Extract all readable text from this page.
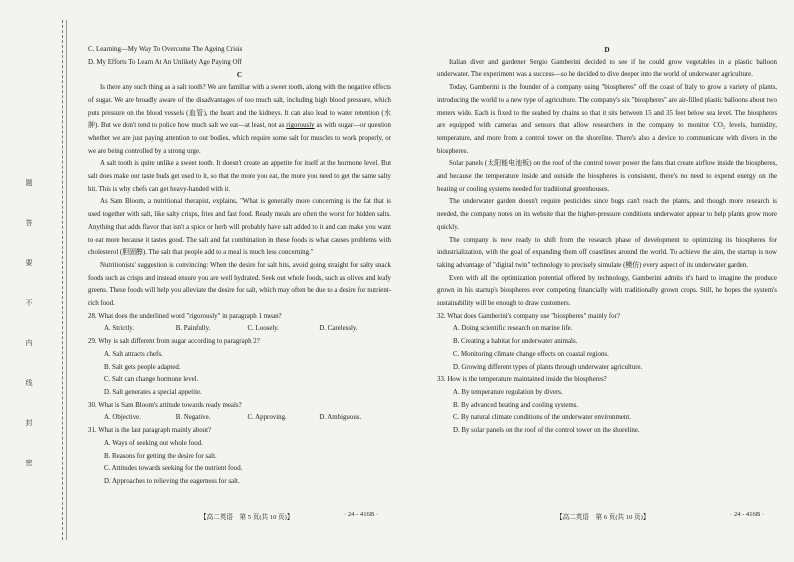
题
答
要
不
内
线
封
密

C. Learning—My Way To Overcome The Ageing Crisis

D. My Efforts To Learn At An Unlikely Age Paying Off

C

Is there any such thing as a salt tooth? We are familiar with a sweet tooth, along with the negative effects of sugar. We are broadly aware of the disadvantages of too much salt, including high blood pressure, which puts pressure on the blood vessels (血管), the heart and the kidneys. It can also lead to water retention (水肿). But we don't tend to police how much salt we eat—at least, not as rigorously as with sugar—or question whether we are just paying attention to our bodies, which require some salt for muscles to work properly, or we are being controlled by a strong urge.

A salt tooth is quite unlike a sweet tooth. It doesn't create an appetite for itself at the hormone level. But salt does make our taste buds get used to it, so that the more you eat, the more you need to get the same salty hit. This is why chefs can get heavy-handed with it.

As Sam Bloom, a nutritional therapist, explains, "What is generally more concerning is the fat that is used together with salt, like salty crisps, fries and fast food. Ready meals are often the worst for hidden salts. Anything that adds flavor that isn't a spice or herb will probably have salt added to it and can make you want to eat more because it tastes good. The salt and fat combination in these foods is what causes problems with cholesterol (胆固醇). The salt that people add to a meal is much less concerning."

Nutritionists' suggestion is convincing: When the desire for salt hits, avoid going straight for salty snack foods such as crisps and instead ensure you are well hydrated. Seek out whole foods, such as olives and leafy greens. These foods will help you alleviate the desire for salt, which may often be due to a desire for nutrient-rich food.

28. What does the underlined word "rigorously" in paragraph 1 mean?

A. Strictly.	B. Painfully.	C. Loosely.	D. Carelessly.

29. Why is salt different from sugar according to paragraph 2?

A. Salt attracts chefs.

B. Salt gets people adapted.

C. Salt can change hormone level.

D. Salt generates a special appetite.

30. What is Sam Bloom's attitude towards ready meals?

A. Objective.	B. Negative.	C. Approving.	D. Ambiguous.

31. What is the last paragraph mainly about?

A. Ways of seeking out whole food.

B. Reasons for getting the desire for salt.

C. Attitudes towards seeking for the nutrient food.

D. Approaches to relieving the eagerness for salt.

D

Italian diver and gardener Sergio Gamberini decided to see if he could grow vegetables in a plastic balloon underwater. The experiment was a success—so he decided to dive deeper into the world of underwater agriculture.

Today, Gamberini is the founder of a company using "biospheres" off the coast of Italy to grow a variety of plants, introducing the world to a new type of agriculture. The company's six "biospheres" are air-filled plastic balloons about two meters wide. Each is fixed to the seabed by chains so that it sits between 15 and 35 feet below sea level. The biospheres are equipped with cameras and sensors that allow researchers in the company to monitor CO₂ levels, humidity, temperature, and more from a control tower on the shoreline. There's also a device to communicate with divers in the biospheres.

Solar panels (太阳能电池板) on the roof of the control tower power the fans that create airflow inside the biospheres, and because the temperature inside and outside the biospheres is consistent, there's no need to expend energy on the heating or cooling systems needed for traditional greenhouses.

The underwater garden doesn't require pesticides since bugs can't reach the plants, and though more research is needed, the company notes on its website that the higher-pressure conditions underwater appear to help plants grow more quickly.

The company is now ready to shift from the research phase of development to optimizing its biospheres for industrialization, with the goal of expanding them off coastlines around the world. To achieve the aim, the startup is now taking advantage of "digital twin" technology to precisely simulate (模仿) every aspect of its underwater garden.

Even with all the optimization potential offered by technology, Gamberini admits it's hard to imagine the produce grown in his startup's biospheres ever competing financially with traditionally grown crops. Still, he hopes the system's sustainability will be enough to draw customers.

32. What does Gamberini's company use "biospheres" mainly for?

A. Doing scientific research on marine life.

B. Creating a habitat for underwater animals.

C. Monitoring climate change effects on coastal regions.

D. Growing different types of plants through underwater agriculture.

33. How is the temperature maintained inside the biospheres?

A. By temperature regulation by divers.

B. By advanced heating and cooling systems.

C. By natural climate conditions of the underwater environment.

D. By solar panels on the roof of the control tower on the shoreline.

【高二英语　第 5 页(共 10 页)】	· 24 - 416B ·	【高二英语　第 6 页(共 10 页)】	· 24 - 416B ·
